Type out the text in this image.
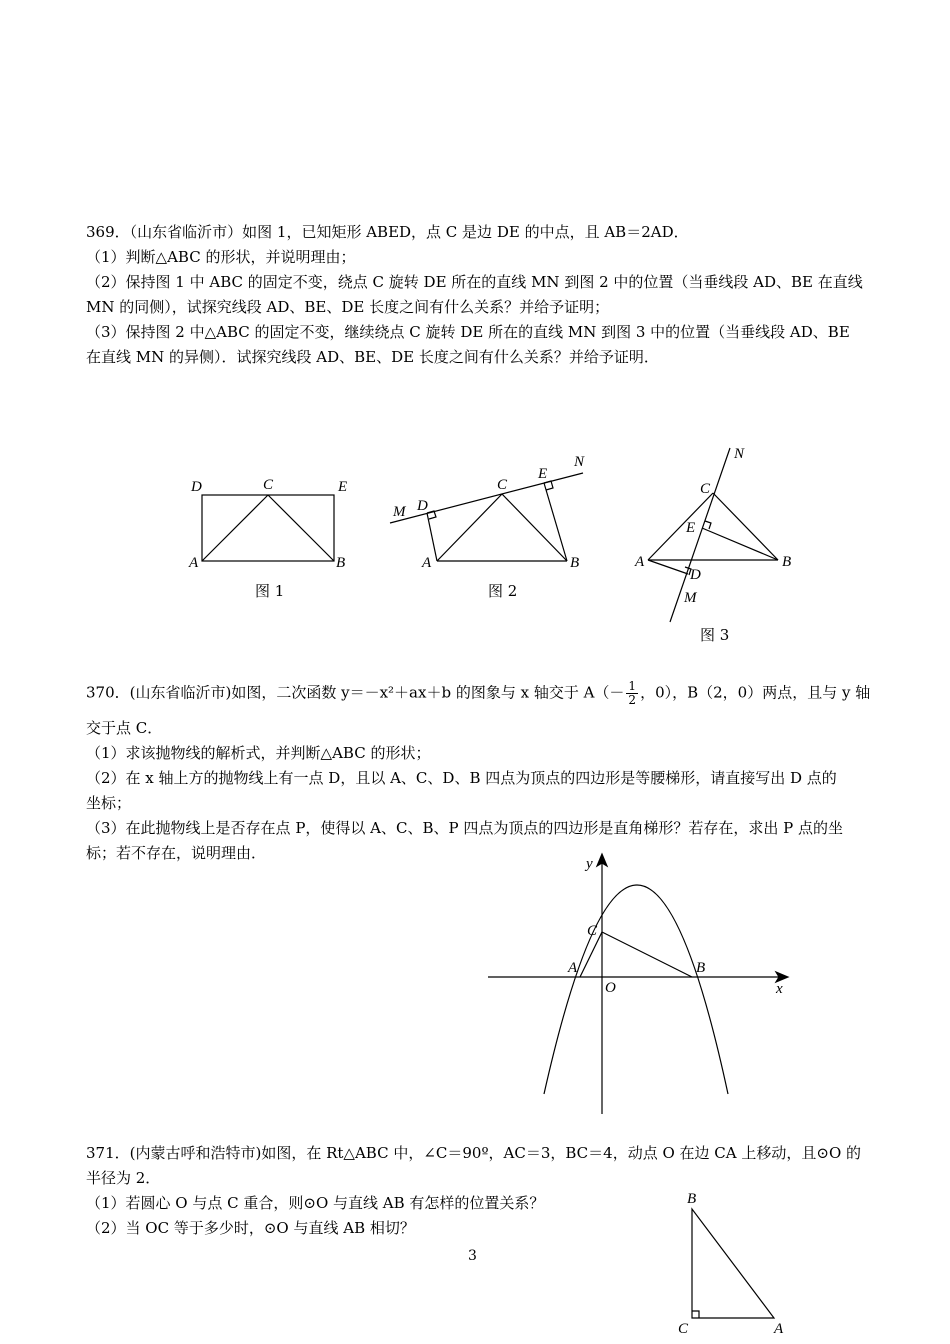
369．（山东省临沂市）如图 1，已知矩形 ABED，点 C 是边 DE 的中点，且 AB＝2AD．
（1）判断△ABC 的形状，并说明理由；
（2）保持图 1 中 ABC 的固定不变，绕点 C 旋转 DE 所在的直线 MN 到图 2 中的位置（当垂线段 AD、BE 在直线
MN 的同侧），试探究线段 AD、BE、DE 长度之间有什么关系？并给予证明；
（3）保持图 2 中△ABC 的固定不变，继续绕点 C 旋转 DE 所在的直线 MN 到图 3 中的位置（当垂线段 AD、BE
在直线 MN 的异侧）．试探究线段 AD、BE、DE 长度之间有什么关系？并给予证明．
D	C	E
A	B
图 1
M
N
D
C
E
A	B
图 2
N
C
E
A	B
D
M
图 3
370．(山东省临沂市)如图，二次函数 y＝－x²＋ax＋b 的图象与 x 轴交于 $A(- \frac{1}{2}$ ，0），B（2，0）两点，且与 y 轴
交于点 C．
（1）求该抛物线的解析式，并判断△ABC 的形状；
（2）在 x 轴上方的抛物线上有一点 D，且以 A、C、D、B 四点为顶点的四边形是等腰梯形，请直接写出 D 点的
坐标；
（3）在此抛物线上是否存在点 P，使得以 A、C、B、P 四点为顶点的四边形是直角梯形？若存在，求出 P 点的坐
标；若不存在，说明理由．
y
x
O
A	B
C
371．(内蒙古呼和浩特市)如图，在 Rt△ABC 中，∠C＝90º，AC＝3，BC＝4，动点 O 在边 CA 上移动，且⊙O 的
半径为 2．
（1）若圆心 O 与点 C 重合，则⊙O 与直线 AB 有怎样的位置关系？
（2）当 OC 等于多少时，⊙O 与直线 AB 相切？
B
C	A
3
